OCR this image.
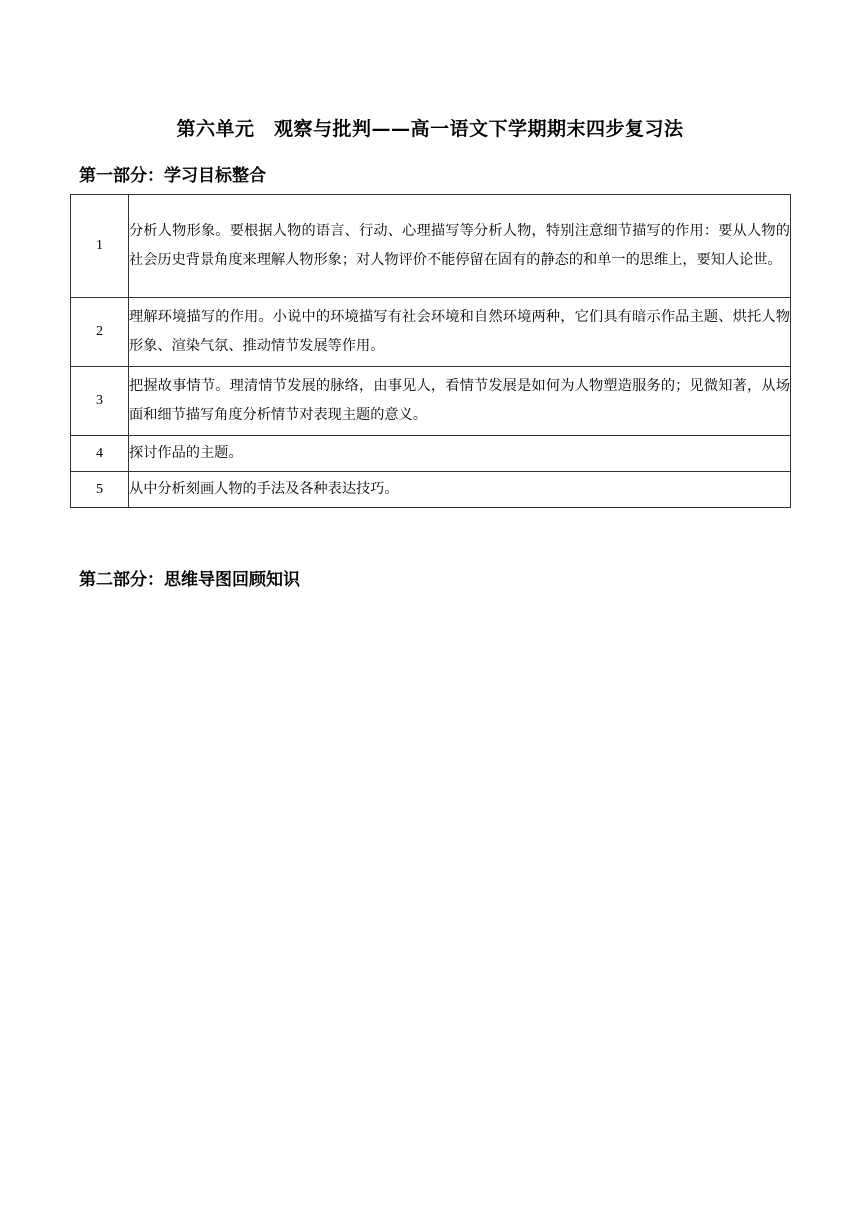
第六单元　观察与批判——高一语文下学期期末四步复习法
第一部分：学习目标整合
1	分析人物形象。要根据人物的语言、行动、心理描写等分析人物，特别注意细节描写的作用：要从人物的社会历史背景角度来理解人物形象；对人物评价不能停留在固有的静态的和单一的思维上，要知人论世。
2	理解环境描写的作用。小说中的环境描写有社会环境和自然环境两种，它们具有暗示作品主题、烘托人物形象、渲染气氛、推动情节发展等作用。
3	把握故事情节。理清情节发展的脉络，由事见人，看情节发展是如何为人物塑造服务的；见微知著，从场面和细节描写角度分析情节对表现主题的意义。
4	探讨作品的主题。
5	从中分析刻画人物的手法及各种表达技巧。
第二部分：思维导图回顾知识
